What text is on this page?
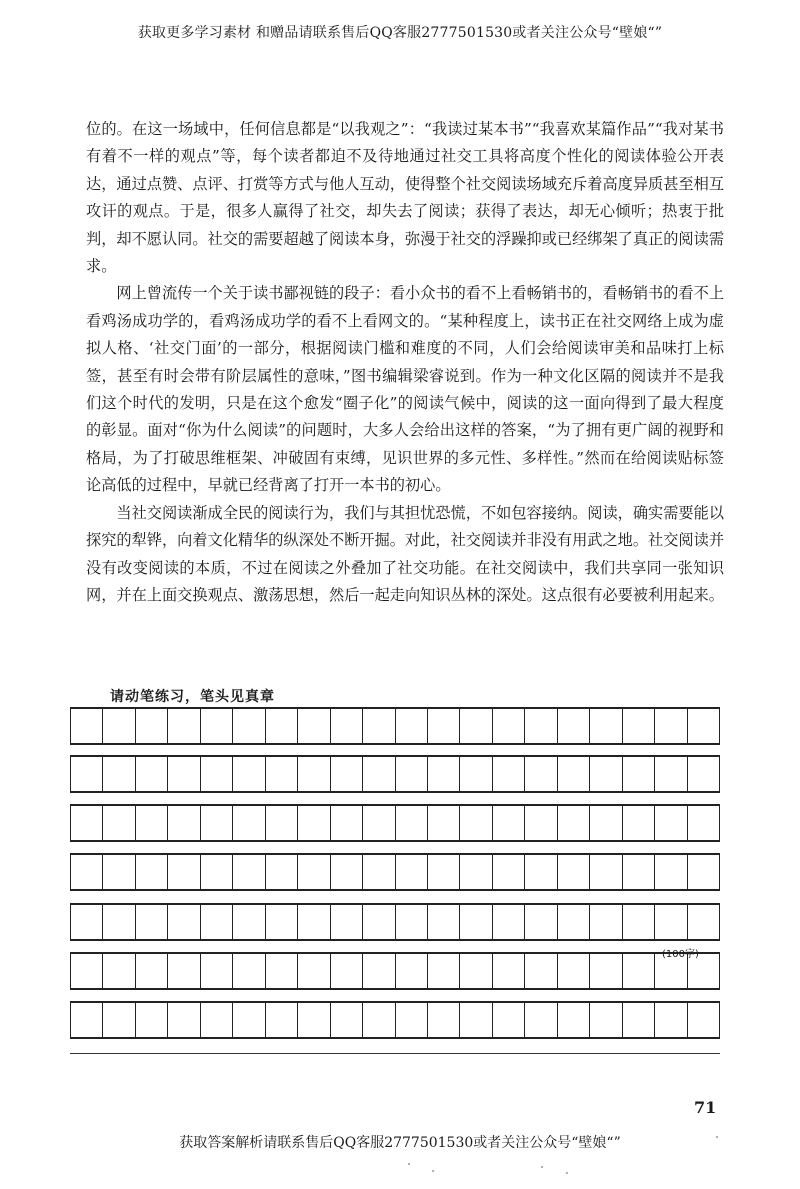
获取更多学习素材 和赠品请联系售后QQ客服2777501530或者关注公众号“壁娘“”

位的。在这一场域中，任何信息都是“以我观之”：“我读过某本书”“我喜欢某篇作品”“我对某书有着不一样的观点”等，每个读者都迫不及待地通过社交工具将高度个性化的阅读体验公开表达，通过点赞、点评、打赏等方式与他人互动，使得整个社交阅读场域充斥着高度异质甚至相互攻讦的观点。于是，很多人赢得了社交，却失去了阅读；获得了表达，却无心倾听；热衷于批判，却不愿认同。社交的需要超越了阅读本身，弥漫于社交的浮躁抑或已经绑架了真正的阅读需求。

网上曾流传一个关于读书鄙视链的段子：看小众书的看不上看畅销书的，看畅销书的看不上看鸡汤成功学的，看鸡汤成功学的看不上看网文的。“某种程度上，读书正在社交网络上成为虚拟人格、‘社交门面’的一部分，根据阅读门槛和难度的不同，人们会给阅读审美和品味打上标签，甚至有时会带有阶层属性的意味，”图书编辑梁睿说到。作为一种文化区隔的阅读并不是我们这个时代的发明，只是在这个愈发“圈子化”的阅读气候中，阅读的这一面向得到了最大程度的彰显。面对“你为什么阅读”的问题时，大多人会给出这样的答案，“为了拥有更广阔的视野和格局，为了打破思维框架、冲破固有束缚，见识世界的多元性、多样性。”然而在给阅读贴标签论高低的过程中，早就已经背离了打开一本书的初心。

当社交阅读渐成全民的阅读行为，我们与其担忧恐慌，不如包容接纳。阅读，确实需要能以探究的犁铧，向着文化精华的纵深处不断开掘。对此，社交阅读并非没有用武之地。社交阅读并没有改变阅读的本质，不过在阅读之外叠加了社交功能。在社交阅读中，我们共享同一张知识网，并在上面交换观点、激荡思想，然后一起走向知识丛林的深处。这点很有必要被利用起来。

请动笔练习，笔头见真章
(100字)
71
获取答案解析请联系售后QQ客服2777501530或者关注公众号“壁娘“”
